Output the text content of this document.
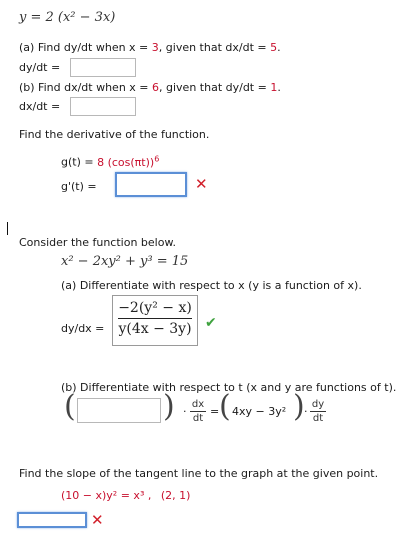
y = 2 (x² − 3x)
(a) Find dy/dt when x = 3, given that dx/dt = 5.
dy/dt =
(b) Find dx/dt when x = 6, given that dy/dt = 1.
dx/dt =
Find the derivative of the function.
g(t) = 8 $(\cos(\pi t))^6$
g'(t) =	✕
Consider the function below.
x² − 2xy² + y³ = 15
(a) Differentiate with respect to x (y is a function of x).
dy/dx =
−2(y² − x)
y(4x − 3y) ✔
(b) Differentiate with respect to t (x and y are functions of t).
(	) ·
dx
dt
= ( 4xy − 3y² ) ·
dy
dt
Find the slope of the tangent line to the graph at the given point.
(10 − x)y² = x³ , (2, 1)
✕
